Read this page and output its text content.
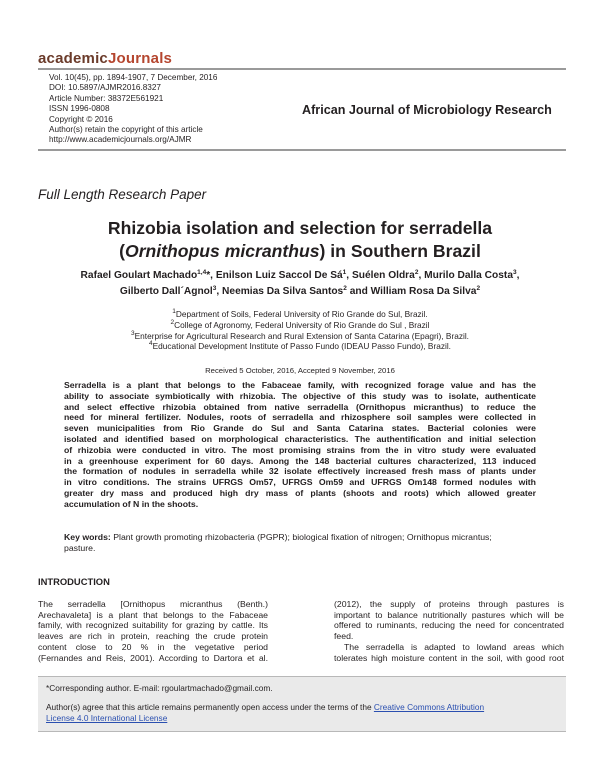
academicJournals
Vol. 10(45), pp. 1894-1907, 7 December, 2016
DOI: 10.5897/AJMR2016.8327
Article Number: 38372E561921
ISSN 1996-0808
Copyright © 2016
Author(s) retain the copyright of this article
http://www.academicjournals.org/AJMR
African Journal of Microbiology Research
Full Length Research Paper
Rhizobia isolation and selection for serradella
(Ornithopus micranthus) in Southern Brazil
Rafael Goulart Machado$^{1,4}$*, Enilson Luiz Saccol De $Sá^1$, Suélen Oldra$^2$, Murilo Dalla Costa$^3$,
Gilberto Dall´Agnol$^3$, Neemias Da Silva Santos$^2$ and William Rosa Da Silva$^2$
$^1$Department of Soils, Federal University of Rio Grande do Sul, Brazil.
$^2$College of Agronomy, Federal University of Rio Grande do Sul , Brazil
$^3$Enterprise for Agricultural Research and Rural Extension of Santa Catarina (Epagri), Brazil.
$^4$Educational Development Institute of Passo Fundo (IDEAU Passo Fundo), Brazil.
Received 5 October, 2016, Accepted 9 November, 2016
Serradella is a plant that belongs to the Fabaceae family, with recognized forage value and has the
ability to associate symbiotically with rhizobia. The objective of this study was to isolate, authenticate
and select effective rhizobia obtained from native serradella (Ornithopus micranthus) to reduce the
need for mineral fertilizer. Nodules, roots of serradella and rhizosphere soil samples were collected in
seven municipalities from Rio Grande do Sul and Santa Catarina states. Bacterial colonies were
isolated and identified based on morphological characteristics. The authentification and initial selection
of rhizobia were conducted in vitro. The most promising strains from the in vitro study were evaluated
in a greenhouse experiment for 60 days. Among the 148 bacterial cultures characterized, 113 induced
the formation of nodules in serradella while 32 isolate effectively increased fresh mass of plants under
in vitro conditions. The strains UFRGS Om57, UFRGS Om59 and UFRGS Om148 formed nodules with
greater dry mass and produced high dry mass of plants (shoots and roots) which allowed greater
accumulation of N in the shoots.
Key words: Plant growth promoting rhizobacteria (PGPR); biological fixation of nitrogen; Ornithopus micrantus;
pasture.
INTRODUCTION
The serradella [Ornithopus micranthus (Benth.)
Arechavaleta] is a plant that belongs to the Fabaceae
family, with recognized suitability for grazing by cattle. Its
leaves are rich in protein, reaching the crude protein
content close to 20 % in the vegetative period
(Fernandes and Reis, 2001). According to Dartora et al.
(2012), the supply of proteins through pastures is
important to balance nutritionally pastures which will be
offered to ruminants, reducing the need for concentrated
feed.
The serradella is adapted to lowland areas which
tolerates high moisture content in the soil, with good root
*Corresponding author. E-mail: rgoulartmachado@gmail.com.
Author(s) agree that this article remains permanently open access under the terms of the Creative Commons Attribution
License 4.0 International License
